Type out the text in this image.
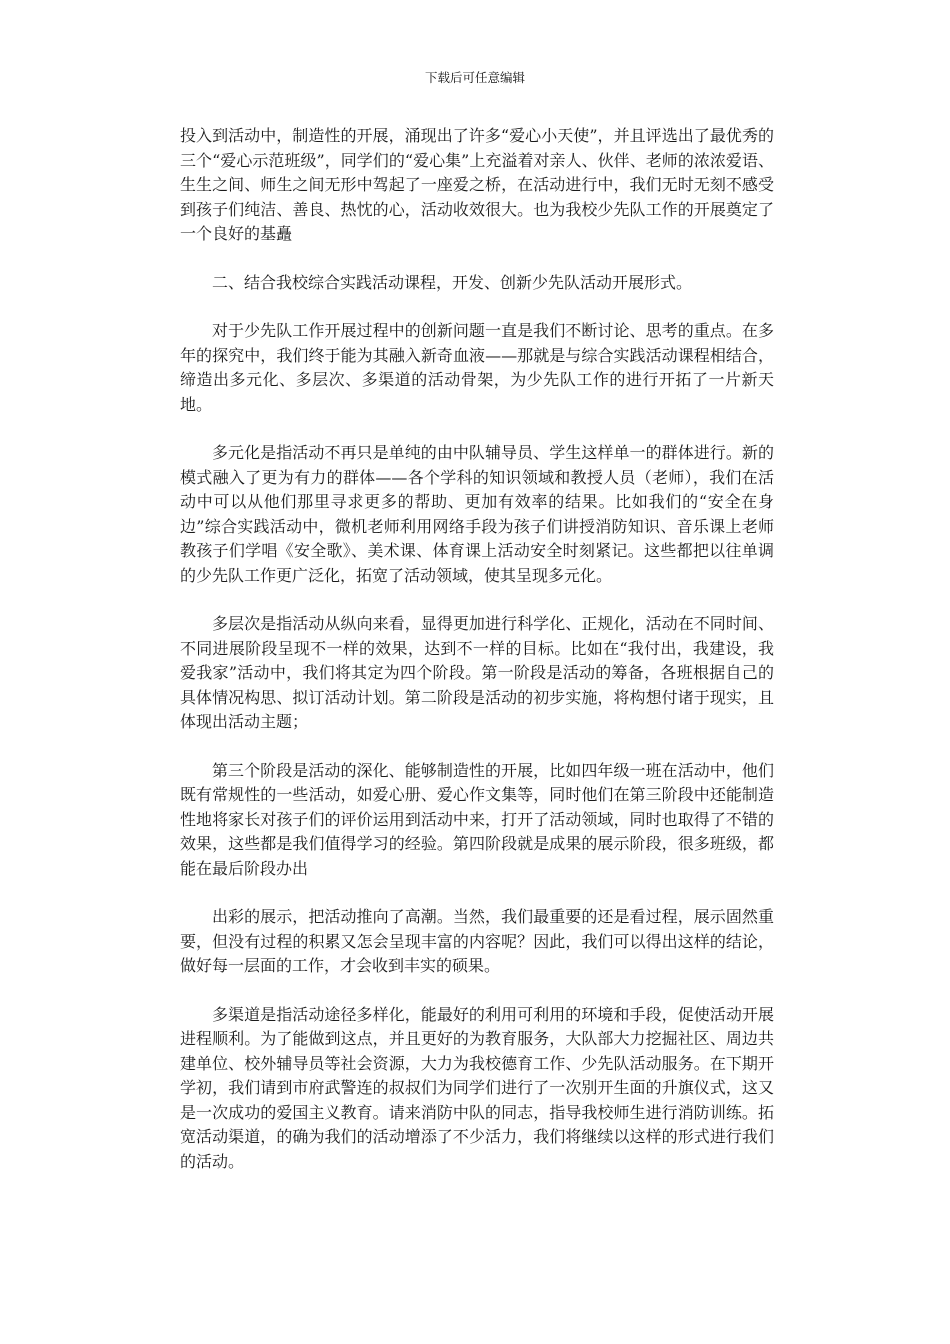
下载后可任意编辑

投入到活动中，制造性的开展，涌现出了许多“爱心小天使”，并且评选出了最优秀的三个“爱心示范班级”，同学们的“爱心集”上充溢着对亲人、伙伴、老师的浓浓爱语、生生之间、师生之间无形中驾起了一座爱之桥，在活动进行中，我们无时无刻不感受到孩子们纯洁、善良、热忱的心，活动收效很大。也为我校少先队工作的开展奠定了一个良好的基矗

二、结合我校综合实践活动课程，开发、创新少先队活动开展形式。

对于少先队工作开展过程中的创新问题一直是我们不断讨论、思考的重点。在多年的探究中，我们终于能为其融入新奇血液——那就是与综合实践活动课程相结合，缔造出多元化、多层次、多渠道的活动骨架，为少先队工作的进行开拓了一片新天地。

多元化是指活动不再只是单纯的由中队辅导员、学生这样单一的群体进行。新的模式融入了更为有力的群体——各个学科的知识领域和教授人员（老师），我们在活动中可以从他们那里寻求更多的帮助、更加有效率的结果。比如我们的“安全在身边”综合实践活动中，微机老师利用网络手段为孩子们讲授消防知识、音乐课上老师教孩子们学唱《安全歌》、美术课、体育课上活动安全时刻紧记。这些都把以往单调的少先队工作更广泛化，拓宽了活动领域，使其呈现多元化。

多层次是指活动从纵向来看，显得更加进行科学化、正规化，活动在不同时间、不同进展阶段呈现不一样的效果，达到不一样的目标。比如在“我付出，我建设，我爱我家”活动中，我们将其定为四个阶段。第一阶段是活动的筹备，各班根据自己的具体情况构思、拟订活动计划。第二阶段是活动的初步实施，将构想付诸于现实，且体现出活动主题；

第三个阶段是活动的深化、能够制造性的开展，比如四年级一班在活动中，他们既有常规性的一些活动，如爱心册、爱心作文集等，同时他们在第三阶段中还能制造性地将家长对孩子们的评价运用到活动中来，打开了活动领域，同时也取得了不错的效果，这些都是我们值得学习的经验。第四阶段就是成果的展示阶段，很多班级，都能在最后阶段办出

出彩的展示，把活动推向了高潮。当然，我们最重要的还是看过程，展示固然重要，但没有过程的积累又怎会呈现丰富的内容呢？因此，我们可以得出这样的结论，做好每一层面的工作，才会收到丰实的硕果。

多渠道是指活动途径多样化，能最好的利用可利用的环境和手段，促使活动开展进程顺利。为了能做到这点，并且更好的为教育服务，大队部大力挖掘社区、周边共建单位、校外辅导员等社会资源，大力为我校德育工作、少先队活动服务。在下期开学初，我们请到市府武警连的叔叔们为同学们进行了一次别开生面的升旗仪式，这又是一次成功的爱国主义教育。请来消防中队的同志，指导我校师生进行消防训练。拓宽活动渠道，的确为我们的活动增添了不少活力，我们将继续以这样的形式进行我们的活动。
